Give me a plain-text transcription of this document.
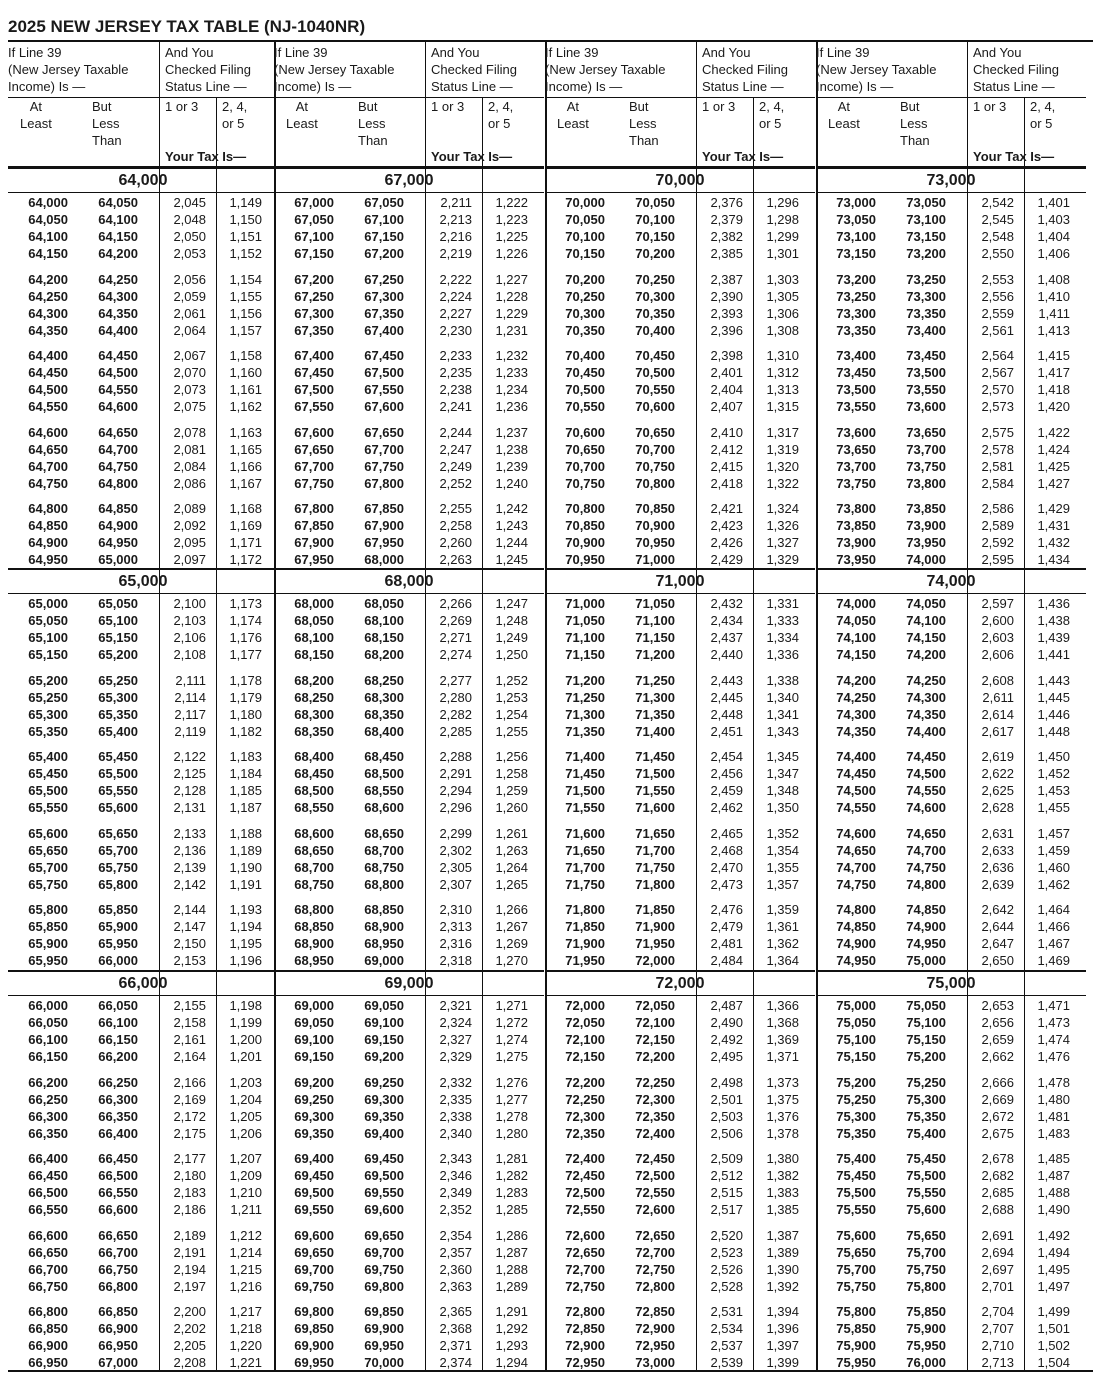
2025 NEW JERSEY TAX TABLE (NJ-1040NR)
If Line 39
(New Jersey Taxable
Income) Is —
And You
Checked Filing
Status Line —
At
Least
But
Less
Than
1 or 3 2, 4,
or 5
Your Tax Is—
64,000
64,000	64,050	2,045	1,149
64,050	64,100	2,048	1,150
64,100	64,150	2,050	1,151
64,150	64,200	2,053	1,152
64,200	64,250	2,056	1,154
64,250	64,300	2,059	1,155
64,300	64,350	2,061	1,156
64,350	64,400	2,064	1,157
64,400	64,450	2,067	1,158
64,450	64,500	2,070	1,160
64,500	64,550	2,073	1,161
64,550	64,600	2,075	1,162
64,600	64,650	2,078	1,163
64,650	64,700	2,081	1,165
64,700	64,750	2,084	1,166
64,750	64,800	2,086	1,167
64,800	64,850	2,089	1,168
64,850	64,900	2,092	1,169
64,900	64,950	2,095	1,171
64,950	65,000	2,097	1,172
65,000
65,000	65,050	2,100	1,173
65,050	65,100	2,103	1,174
65,100	65,150	2,106	1,176
65,150	65,200	2,108	1,177
65,200	65,250	2,111	1,178
65,250	65,300	2,114	1,179
65,300	65,350	2,117	1,180
65,350	65,400	2,119	1,182
65,400	65,450	2,122	1,183
65,450	65,500	2,125	1,184
65,500	65,550	2,128	1,185
65,550	65,600	2,131	1,187
65,600	65,650	2,133	1,188
65,650	65,700	2,136	1,189
65,700	65,750	2,139	1,190
65,750	65,800	2,142	1,191
65,800	65,850	2,144	1,193
65,850	65,900	2,147	1,194
65,900	65,950	2,150	1,195
65,950	66,000	2,153	1,196
66,000
66,000	66,050	2,155	1,198
66,050	66,100	2,158	1,199
66,100	66,150	2,161	1,200
66,150	66,200	2,164	1,201
66,200	66,250	2,166	1,203
66,250	66,300	2,169	1,204
66,300	66,350	2,172	1,205
66,350	66,400	2,175	1,206
66,400	66,450	2,177	1,207
66,450	66,500	2,180	1,209
66,500	66,550	2,183	1,210
66,550	66,600	2,186	1,211
66,600	66,650	2,189	1,212
66,650	66,700	2,191	1,214
66,700	66,750	2,194	1,215
66,750	66,800	2,197	1,216
66,800	66,850	2,200	1,217
66,850	66,900	2,202	1,218
66,900	66,950	2,205	1,220
66,950	67,000	2,208	1,221
If Line 39
(New Jersey Taxable
Income) Is —
And You
Checked Filing
Status Line —
At
Least
But
Less
Than
1 or 3 2, 4,
or 5
Your Tax Is—
67,000
67,000	67,050	2,211	1,222
67,050	67,100	2,213	1,223
67,100	67,150	2,216	1,225
67,150	67,200	2,219	1,226
67,200	67,250	2,222	1,227
67,250	67,300	2,224	1,228
67,300	67,350	2,227	1,229
67,350	67,400	2,230	1,231
67,400	67,450	2,233	1,232
67,450	67,500	2,235	1,233
67,500	67,550	2,238	1,234
67,550	67,600	2,241	1,236
67,600	67,650	2,244	1,237
67,650	67,700	2,247	1,238
67,700	67,750	2,249	1,239
67,750	67,800	2,252	1,240
67,800	67,850	2,255	1,242
67,850	67,900	2,258	1,243
67,900	67,950	2,260	1,244
67,950	68,000	2,263	1,245
68,000
68,000	68,050	2,266	1,247
68,050	68,100	2,269	1,248
68,100	68,150	2,271	1,249
68,150	68,200	2,274	1,250
68,200	68,250	2,277	1,252
68,250	68,300	2,280	1,253
68,300	68,350	2,282	1,254
68,350	68,400	2,285	1,255
68,400	68,450	2,288	1,256
68,450	68,500	2,291	1,258
68,500	68,550	2,294	1,259
68,550	68,600	2,296	1,260
68,600	68,650	2,299	1,261
68,650	68,700	2,302	1,263
68,700	68,750	2,305	1,264
68,750	68,800	2,307	1,265
68,800	68,850	2,310	1,266
68,850	68,900	2,313	1,267
68,900	68,950	2,316	1,269
68,950	69,000	2,318	1,270
69,000
69,000	69,050	2,321	1,271
69,050	69,100	2,324	1,272
69,100	69,150	2,327	1,274
69,150	69,200	2,329	1,275
69,200	69,250	2,332	1,276
69,250	69,300	2,335	1,277
69,300	69,350	2,338	1,278
69,350	69,400	2,340	1,280
69,400	69,450	2,343	1,281
69,450	69,500	2,346	1,282
69,500	69,550	2,349	1,283
69,550	69,600	2,352	1,285
69,600	69,650	2,354	1,286
69,650	69,700	2,357	1,287
69,700	69,750	2,360	1,288
69,750	69,800	2,363	1,289
69,800	69,850	2,365	1,291
69,850	69,900	2,368	1,292
69,900	69,950	2,371	1,293
69,950	70,000	2,374	1,294
If Line 39
(New Jersey Taxable
Income) Is —
And You
Checked Filing
Status Line —
At
Least
But
Less
Than
1 or 3 2, 4,
or 5
Your Tax Is—
70,000
70,000	70,050	2,376	1,296
70,050	70,100	2,379	1,298
70,100	70,150	2,382	1,299
70,150	70,200	2,385	1,301
70,200	70,250	2,387	1,303
70,250	70,300	2,390	1,305
70,300	70,350	2,393	1,306
70,350	70,400	2,396	1,308
70,400	70,450	2,398	1,310
70,450	70,500	2,401	1,312
70,500	70,550	2,404	1,313
70,550	70,600	2,407	1,315
70,600	70,650	2,410	1,317
70,650	70,700	2,412	1,319
70,700	70,750	2,415	1,320
70,750	70,800	2,418	1,322
70,800	70,850	2,421	1,324
70,850	70,900	2,423	1,326
70,900	70,950	2,426	1,327
70,950	71,000	2,429	1,329
71,000
71,000	71,050	2,432	1,331
71,050	71,100	2,434	1,333
71,100	71,150	2,437	1,334
71,150	71,200	2,440	1,336
71,200	71,250	2,443	1,338
71,250	71,300	2,445	1,340
71,300	71,350	2,448	1,341
71,350	71,400	2,451	1,343
71,400	71,450	2,454	1,345
71,450	71,500	2,456	1,347
71,500	71,550	2,459	1,348
71,550	71,600	2,462	1,350
71,600	71,650	2,465	1,352
71,650	71,700	2,468	1,354
71,700	71,750	2,470	1,355
71,750	71,800	2,473	1,357
71,800	71,850	2,476	1,359
71,850	71,900	2,479	1,361
71,900	71,950	2,481	1,362
71,950	72,000	2,484	1,364
72,000
72,000	72,050	2,487	1,366
72,050	72,100	2,490	1,368
72,100	72,150	2,492	1,369
72,150	72,200	2,495	1,371
72,200	72,250	2,498	1,373
72,250	72,300	2,501	1,375
72,300	72,350	2,503	1,376
72,350	72,400	2,506	1,378
72,400	72,450	2,509	1,380
72,450	72,500	2,512	1,382
72,500	72,550	2,515	1,383
72,550	72,600	2,517	1,385
72,600	72,650	2,520	1,387
72,650	72,700	2,523	1,389
72,700	72,750	2,526	1,390
72,750	72,800	2,528	1,392
72,800	72,850	2,531	1,394
72,850	72,900	2,534	1,396
72,900	72,950	2,537	1,397
72,950	73,000	2,539	1,399
If Line 39
(New Jersey Taxable
Income) Is —
And You
Checked Filing
Status Line —
At
Least
But
Less
Than
1 or 3 2, 4,
or 5
Your Tax Is—
73,000
73,000	73,050	2,542	1,401
73,050	73,100	2,545	1,403
73,100	73,150	2,548	1,404
73,150	73,200	2,550	1,406
73,200	73,250	2,553	1,408
73,250	73,300	2,556	1,410
73,300	73,350	2,559	1,411
73,350	73,400	2,561	1,413
73,400	73,450	2,564	1,415
73,450	73,500	2,567	1,417
73,500	73,550	2,570	1,418
73,550	73,600	2,573	1,420
73,600	73,650	2,575	1,422
73,650	73,700	2,578	1,424
73,700	73,750	2,581	1,425
73,750	73,800	2,584	1,427
73,800	73,850	2,586	1,429
73,850	73,900	2,589	1,431
73,900	73,950	2,592	1,432
73,950	74,000	2,595	1,434
74,000
74,000	74,050	2,597	1,436
74,050	74,100	2,600	1,438
74,100	74,150	2,603	1,439
74,150	74,200	2,606	1,441
74,200	74,250	2,608	1,443
74,250	74,300	2,611	1,445
74,300	74,350	2,614	1,446
74,350	74,400	2,617	1,448
74,400	74,450	2,619	1,450
74,450	74,500	2,622	1,452
74,500	74,550	2,625	1,453
74,550	74,600	2,628	1,455
74,600	74,650	2,631	1,457
74,650	74,700	2,633	1,459
74,700	74,750	2,636	1,460
74,750	74,800	2,639	1,462
74,800	74,850	2,642	1,464
74,850	74,900	2,644	1,466
74,900	74,950	2,647	1,467
74,950	75,000	2,650	1,469
75,000
75,000	75,050	2,653	1,471
75,050	75,100	2,656	1,473
75,100	75,150	2,659	1,474
75,150	75,200	2,662	1,476
75,200	75,250	2,666	1,478
75,250	75,300	2,669	1,480
75,300	75,350	2,672	1,481
75,350	75,400	2,675	1,483
75,400	75,450	2,678	1,485
75,450	75,500	2,682	1,487
75,500	75,550	2,685	1,488
75,550	75,600	2,688	1,490
75,600	75,650	2,691	1,492
75,650	75,700	2,694	1,494
75,700	75,750	2,697	1,495
75,750	75,800	2,701	1,497
75,800	75,850	2,704	1,499
75,850	75,900	2,707	1,501
75,900	75,950	2,710	1,502
75,950	76,000	2,713	1,504
